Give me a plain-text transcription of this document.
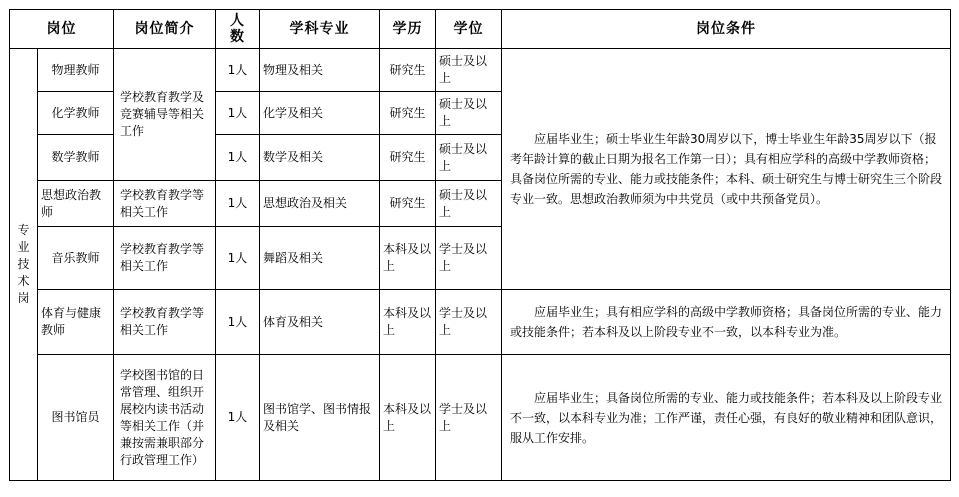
岗位		岗位简介	人数	学科专业	学历	学位	岗位条件

专
业
技
术
岗	物理教师	学校教育教学及竞赛辅导等相关工作	1人	物理及相关	研究生	硕士及以上	应届毕业生；硕士毕业生年龄30周岁以下，博士毕业生年龄35周岁以下（报考年龄计算的截止日期为报名工作第一日）；具有相应学科的高级中学教师资格；具备岗位所需的专业、能力或技能条件；本科、硕士研究生与博士研究生三个阶段专业一致。思想政治教师须为中共党员（或中共预备党员）。
	化学教师		1人	化学及相关	研究生	硕士及以上	
	数学教师		1人	数学及相关	研究生	硕士及以上	
	思想政治教师	学校教育教学等相关工作	1人	思想政治及相关	研究生	硕士及以上	
	音乐教师	学校教育教学等相关工作	1人	舞蹈及相关	本科及以上	学士及以上	
	体育与健康教师	学校教育教学等相关工作	1人	体育及相关	本科及以上	学士及以上	应届毕业生；具有相应学科的高级中学教师资格；具备岗位所需的专业、能力或技能条件；若本科及以上阶段专业不一致，以本科专业为准。
	图书馆员	学校图书馆的日常管理、组织开展校内读书活动等相关工作（并兼按需兼职部分行政管理工作）	1人	图书馆学、图书情报及相关	本科及以上	学士及以上	应届毕业生；具备岗位所需的专业、能力或技能条件；若本科及以上阶段专业不一致，以本科专业为准；工作严谨，责任心强，有良好的敬业精神和团队意识，服从工作安排。
